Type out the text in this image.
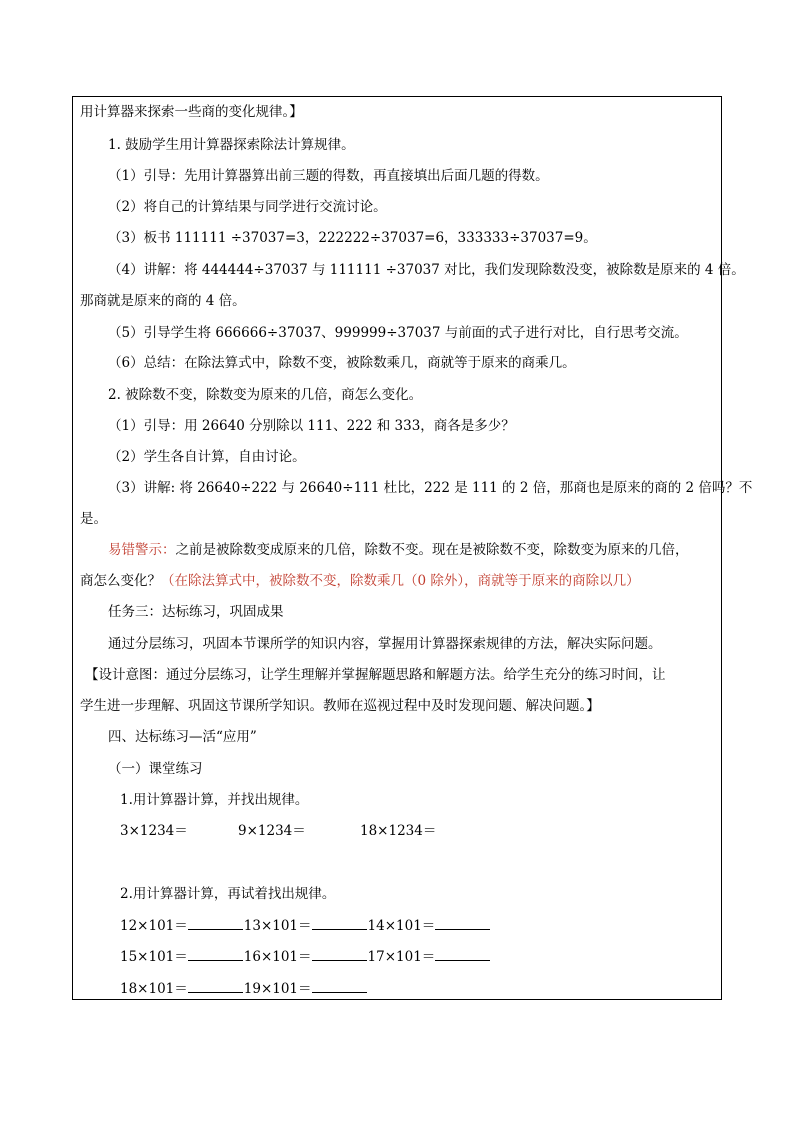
用计算器来探索一些商的变化规律。】
1. 鼓励学生用计算器探索除法计算规律。
（1）引导：先用计算器算出前三题的得数，再直接填出后面几题的得数。
（2）将自己的计算结果与同学进行交流讨论。
（3）板书 111111 ÷37037=3，222222÷37037=6，333333÷37037=9。
（4）讲解：将 444444÷37037 与 111111 ÷37037 对比，我们发现除数没变，被除数是原来的 4 倍。
那商就是原来的商的 4 倍。
（5）引导学生将 666666÷37037、999999÷37037 与前面的式子进行对比，自行思考交流。
（6）总结：在除法算式中，除数不变，被除数乘几，商就等于原来的商乘几。
2. 被除数不变，除数变为原来的几倍，商怎么变化。
（1）引导：用 26640 分别除以 111、222 和 333，商各是多少？
（2）学生各自计算，自由讨论。
（3）讲解: 将 26640÷222 与 26640÷111 杜比，222 是 111 的 2 倍，那商也是原来的商的 2 倍吗？不
是。
易错警示：之前是被除数变成原来的几倍，除数不变。现在是被除数不变，除数变为原来的几倍，
商怎么变化？（在除法算式中，被除数不变，除数乘几（0 除外），商就等于原来的商除以几）
任务三：达标练习，巩固成果
通过分层练习，巩固本节课所学的知识内容，掌握用计算器探索规律的方法，解决实际问题。
【设计意图：通过分层练习，让学生理解并掌握解题思路和解题方法。给学生充分的练习时间，让
学生进一步理解、巩固这节课所学知识。教师在巡视过程中及时发现问题、解决问题。】
四、达标练习—活“应用”
（一）课堂练习
1.用计算器计算，并找出规律。
3×1234＝	9×1234＝	18×1234＝
2.用计算器计算，再试着找出规律。
12×101＝	13×101＝	14×101＝
15×101＝	16×101＝	17×101＝
18×101＝	19×101＝
